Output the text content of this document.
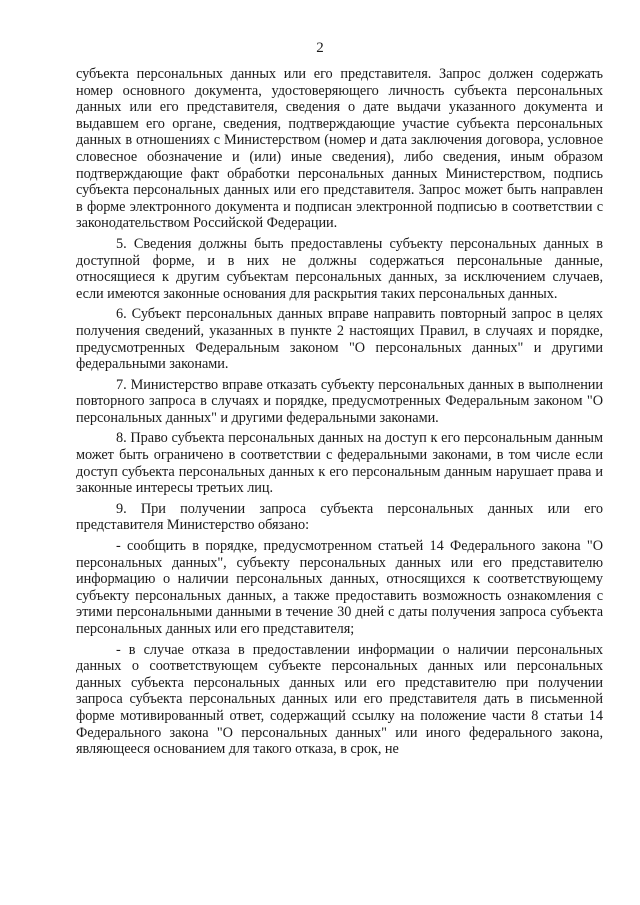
2

субъекта персональных данных или его представителя. Запрос должен содержать номер основного документа, удостоверяющего личность субъекта персональных данных или его представителя, сведения о дате выдачи указанного документа и выдавшем его органе, сведения, подтверждающие участие субъекта персональных данных в отношениях с Министерством (номер и дата заключения договора, условное словесное обозначение и (или) иные сведения), либо сведения, иным образом подтверждающие факт обработки персональных данных Министерством, подпись субъекта персональных данных или его представителя. Запрос может быть направлен в форме электронного документа и подписан электронной подписью в соответствии с законодательством Российской Федерации.

5. Сведения должны быть предоставлены субъекту персональных данных в доступной форме, и в них не должны содержаться персональные данные, относящиеся к другим субъектам персональных данных, за исключением случаев, если имеются законные основания для раскрытия таких персональных данных.

6. Субъект персональных данных вправе направить повторный запрос в целях получения сведений, указанных в пункте 2 настоящих Правил, в случаях и порядке, предусмотренных Федеральным законом "О персональных данных" и другими федеральными законами.

7. Министерство вправе отказать субъекту персональных данных в выполнении повторного запроса в случаях и порядке, предусмотренных Федеральным законом "О персональных данных" и другими федеральными законами.

8. Право субъекта персональных данных на доступ к его персональным данным может быть ограничено в соответствии с федеральными законами, в том числе если доступ субъекта персональных данных к его персональным данным нарушает права и законные интересы третьих лиц.

9. При получении запроса субъекта персональных данных или его представителя Министерство обязано:

- сообщить в порядке, предусмотренном статьей 14 Федерального закона "О персональных данных", субъекту персональных данных или его представителю информацию о наличии персональных данных, относящихся к соответствующему субъекту персональных данных, а также предоставить возможность ознакомления с этими персональными данными в течение 30 дней с даты получения запроса субъекта персональных данных или его представителя;

- в случае отказа в предоставлении информации о наличии персональных данных о соответствующем субъекте персональных данных или персональных данных субъекта персональных данных или его представителю при получении запроса субъекта персональных данных или его представителя дать в письменной форме мотивированный ответ, содержащий ссылку на положение части 8 статьи 14 Федерального закона "О персональных данных" или иного федерального закона, являющееся основанием для такого отказа, в срок, не
